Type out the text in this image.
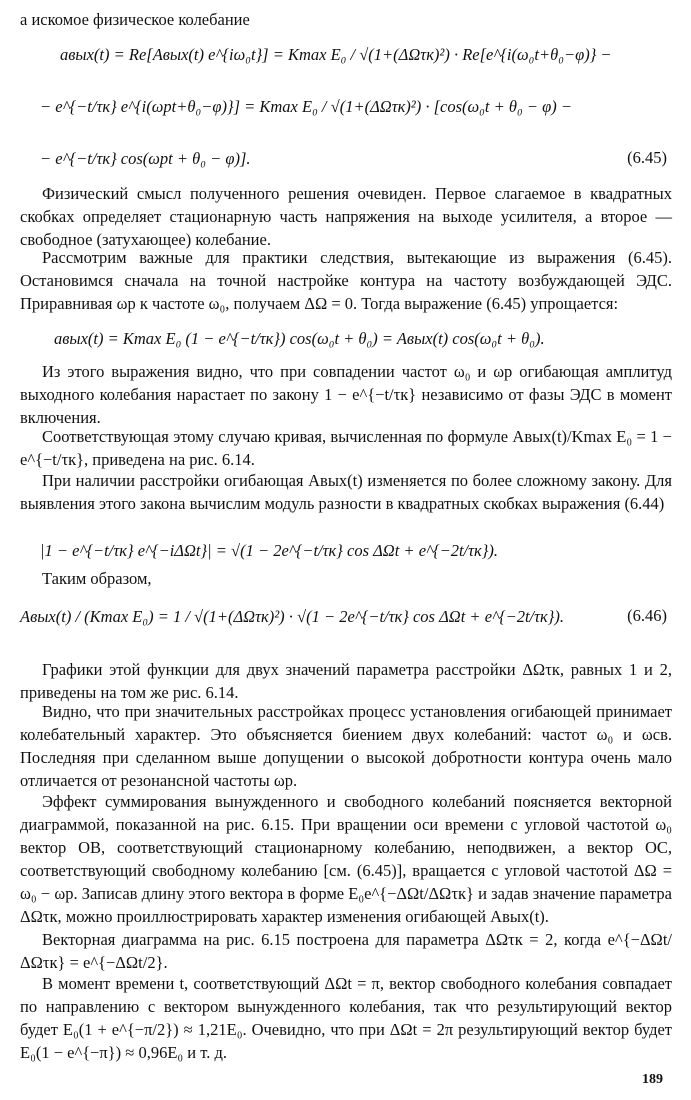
а искомое физическое колебание
aвых(t) = Re[Aвых(t) e^{iω₀t}] = Kmax E₀ / √(1+(ΔΩτк)²) · Re[e^{i(ω₀t+θ₀−φ)} −
− e^{−t/τк} e^{i(ωрt+θ₀−φ)}] = Kmax E₀ / √(1+(ΔΩτк)²) · [cos(ω₀t + θ₀ − φ) −
− e^{−t/τк} cos(ωрt + θ₀ − φ)].	(6.45)
Физический смысл полученного решения очевиден. Первое слагаемое в квадратных скобках определяет стационарную часть напряжения на выходе усилителя, а второе — свободное (затухающее) колебание.
Рассмотрим важные для практики следствия, вытекающие из выражения (6.45). Остановимся сначала на точной настройке контура на частоту возбуждающей ЭДС. Приравнивая ωр к частоте ω₀, получаем ΔΩ = 0. Тогда выражение (6.45) упрощается:
aвых(t) = Kmax E₀ (1 − e^{−t/τк}) cos(ω₀t + θ₀) = Aвых(t) cos(ω₀t + θ₀).
Из этого выражения видно, что при совпадении частот ω₀ и ωр огибающая амплитуд выходного колебания нарастает по закону 1 − e^{−t/τк} независимо от фазы ЭДС в момент включения.
Соответствующая этому случаю кривая, вычисленная по формуле Aвых(t)/Kmax E₀ = 1 − e^{−t/τк}, приведена на рис. 6.14.
При наличии расстройки огибающая Aвых(t) изменяется по более сложному закону. Для выявления этого закона вычислим модуль разности в квадратных скобках выражения (6.44)
|1 − e^{−t/τк} e^{−iΔΩt}| = √(1 − 2e^{−t/τк} cos ΔΩt + e^{−2t/τк}).
Таким образом,
Aвых(t) / (Kmax E₀) = 1 / √(1+(ΔΩτк)²) · √(1 − 2e^{−t/τк} cos ΔΩt + e^{−2t/τк}).	(6.46)
Графики этой функции для двух значений параметра расстройки ΔΩτк, равных 1 и 2, приведены на том же рис. 6.14.
Видно, что при значительных расстройках процесс установления огибающей принимает колебательный характер. Это объясняется биением двух колебаний: частот ω₀ и ωсв. Последняя при сделанном выше допущении о высокой добротности контура очень мало отличается от резонансной частоты ωр.
Эффект суммирования вынужденного и свободного колебаний поясняется векторной диаграммой, показанной на рис. 6.15. При вращении оси времени с угловой частотой ω₀ вектор OB, соответствующий стационарному колебанию, неподвижен, а вектор OC, соответствующий свободному колебанию [см. (6.45)], вращается с угловой частотой ΔΩ = ω₀ − ωр. Записав длину этого вектора в форме E₀e^{−ΔΩt/ΔΩτк} и задав значение параметра ΔΩτк, можно проиллюстрировать характер изменения огибающей Aвых(t).
Векторная диаграмма на рис. 6.15 построена для параметра ΔΩτк = 2, когда e^{−ΔΩt/ΔΩτк} = e^{−ΔΩt/2}.
В момент времени t, соответствующий ΔΩt = π, вектор свободного колебания совпадает по направлению с вектором вынужденного колебания, так что результирующий вектор будет E₀(1 + e^{−π/2}) ≈ 1,21E₀. Очевидно, что при ΔΩt = 2π результирующий вектор будет E₀(1 − e^{−π}) ≈ 0,96E₀ и т. д.
189
